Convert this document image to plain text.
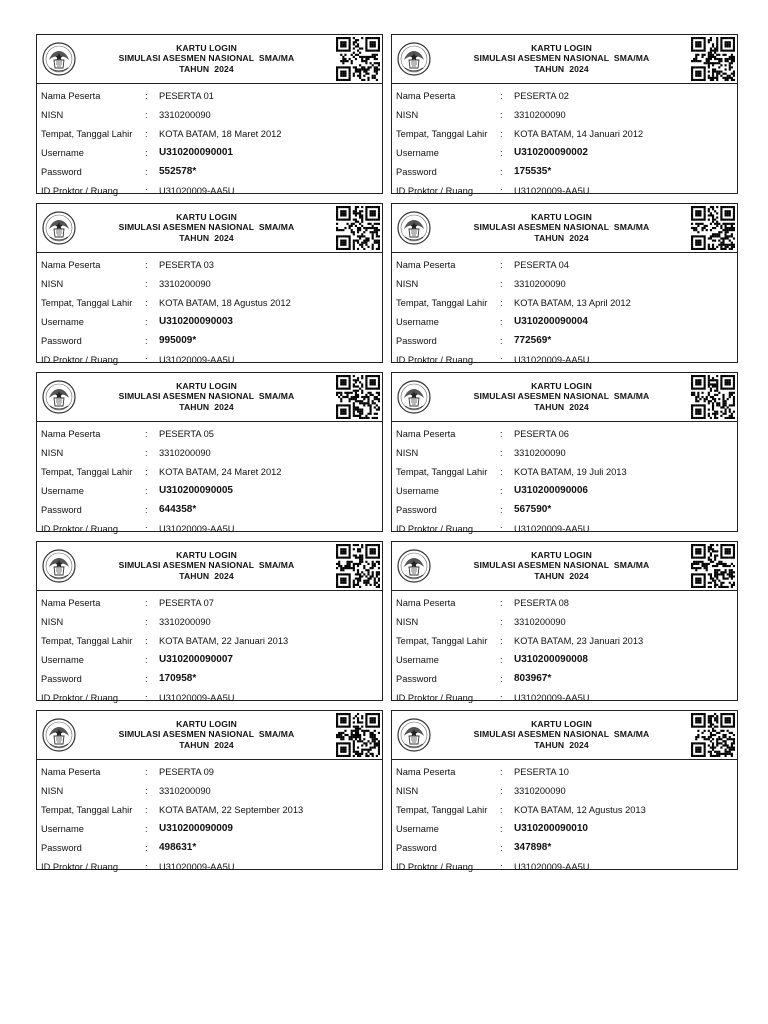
KARTU LOGIN
SIMULASI ASESMEN NASIONAL  SMA/MA
TAHUN  2024
Nama Peserta	:	PESERTA 01
NISN	:	3310200090
Tempat, Tanggal Lahir	:	KOTA BATAM, 18 Maret 2012
Username	:	U310200090001
Password	:	552578*
ID Proktor / Ruang	:	U31020009-AA5U
KARTU LOGIN
SIMULASI ASESMEN NASIONAL  SMA/MA
TAHUN  2024
Nama Peserta	:	PESERTA 02
NISN	:	3310200090
Tempat, Tanggal Lahir	:	KOTA BATAM, 14 Januari 2012
Username	:	U310200090002
Password	:	175535*
ID Proktor / Ruang	:	U31020009-AA5U
KARTU LOGIN
SIMULASI ASESMEN NASIONAL  SMA/MA
TAHUN  2024
Nama Peserta	:	PESERTA 03
NISN	:	3310200090
Tempat, Tanggal Lahir	:	KOTA BATAM, 18 Agustus 2012
Username	:	U310200090003
Password	:	995009*
ID Proktor / Ruang	:	U31020009-AA5U
KARTU LOGIN
SIMULASI ASESMEN NASIONAL  SMA/MA
TAHUN  2024
Nama Peserta	:	PESERTA 04
NISN	:	3310200090
Tempat, Tanggal Lahir	:	KOTA BATAM, 13 April 2012
Username	:	U310200090004
Password	:	772569*
ID Proktor / Ruang	:	U31020009-AA5U
KARTU LOGIN
SIMULASI ASESMEN NASIONAL  SMA/MA
TAHUN  2024
Nama Peserta	:	PESERTA 05
NISN	:	3310200090
Tempat, Tanggal Lahir	:	KOTA BATAM, 24 Maret 2012
Username	:	U310200090005
Password	:	644358*
ID Proktor / Ruang	:	U31020009-AA5U
KARTU LOGIN
SIMULASI ASESMEN NASIONAL  SMA/MA
TAHUN  2024
Nama Peserta	:	PESERTA 06
NISN	:	3310200090
Tempat, Tanggal Lahir	:	KOTA BATAM, 19 Juli 2013
Username	:	U310200090006
Password	:	567590*
ID Proktor / Ruang	:	U31020009-AA5U
KARTU LOGIN
SIMULASI ASESMEN NASIONAL  SMA/MA
TAHUN  2024
Nama Peserta	:	PESERTA 07
NISN	:	3310200090
Tempat, Tanggal Lahir	:	KOTA BATAM, 22 Januari 2013
Username	:	U310200090007
Password	:	170958*
ID Proktor / Ruang	:	U31020009-AA5U
KARTU LOGIN
SIMULASI ASESMEN NASIONAL  SMA/MA
TAHUN  2024
Nama Peserta	:	PESERTA 08
NISN	:	3310200090
Tempat, Tanggal Lahir	:	KOTA BATAM, 23 Januari 2013
Username	:	U310200090008
Password	:	803967*
ID Proktor / Ruang	:	U31020009-AA5U
KARTU LOGIN
SIMULASI ASESMEN NASIONAL  SMA/MA
TAHUN  2024
Nama Peserta	:	PESERTA 09
NISN	:	3310200090
Tempat, Tanggal Lahir	:	KOTA BATAM, 22 September 2013
Username	:	U310200090009
Password	:	498631*
ID Proktor / Ruang	:	U31020009-AA5U
KARTU LOGIN
SIMULASI ASESMEN NASIONAL  SMA/MA
TAHUN  2024
Nama Peserta	:	PESERTA 10
NISN	:	3310200090
Tempat, Tanggal Lahir	:	KOTA BATAM, 12 Agustus 2013
Username	:	U310200090010
Password	:	347898*
ID Proktor / Ruang	:	U31020009-AA5U
